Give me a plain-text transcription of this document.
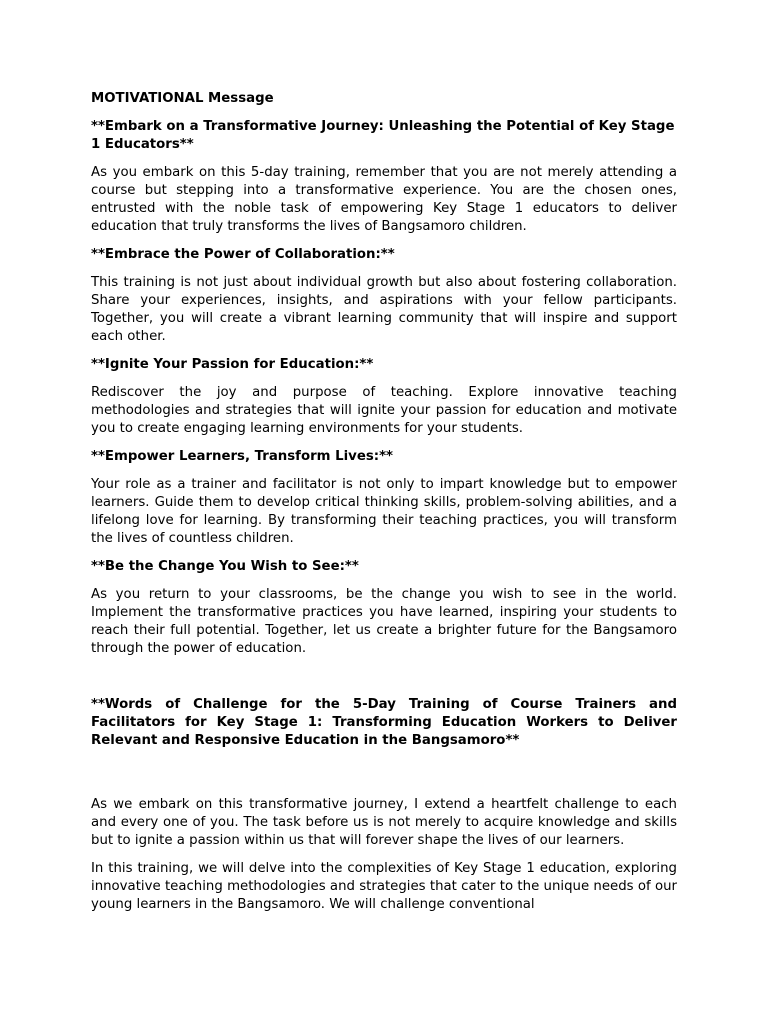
MOTIVATIONAL Message
**Embark on a Transformative Journey: Unleashing the Potential of Key Stage 1 Educators**
As you embark on this 5-day training, remember that you are not merely attending a course but stepping into a transformative experience. You are the chosen ones, entrusted with the noble task of empowering Key Stage 1 educators to deliver education that truly transforms the lives of Bangsamoro children.
**Embrace the Power of Collaboration:**
This training is not just about individual growth but also about fostering collaboration. Share your experiences, insights, and aspirations with your fellow participants. Together, you will create a vibrant learning community that will inspire and support each other.
**Ignite Your Passion for Education:**
Rediscover the joy and purpose of teaching. Explore innovative teaching methodologies and strategies that will ignite your passion for education and motivate you to create engaging learning environments for your students.
**Empower Learners, Transform Lives:**
Your role as a trainer and facilitator is not only to impart knowledge but to empower learners. Guide them to develop critical thinking skills, problem-solving abilities, and a lifelong love for learning. By transforming their teaching practices, you will transform the lives of countless children.
**Be the Change You Wish to See:**
As you return to your classrooms, be the change you wish to see in the world. Implement the transformative practices you have learned, inspiring your students to reach their full potential. Together, let us create a brighter future for the Bangsamoro through the power of education.
**Words of Challenge for the 5-Day Training of Course Trainers and Facilitators for Key Stage 1: Transforming Education Workers to Deliver Relevant and Responsive Education in the Bangsamoro**
As we embark on this transformative journey, I extend a heartfelt challenge to each and every one of you. The task before us is not merely to acquire knowledge and skills but to ignite a passion within us that will forever shape the lives of our learners.
In this training, we will delve into the complexities of Key Stage 1 education, exploring innovative teaching methodologies and strategies that cater to the unique needs of our young learners in the Bangsamoro. We will challenge conventional
